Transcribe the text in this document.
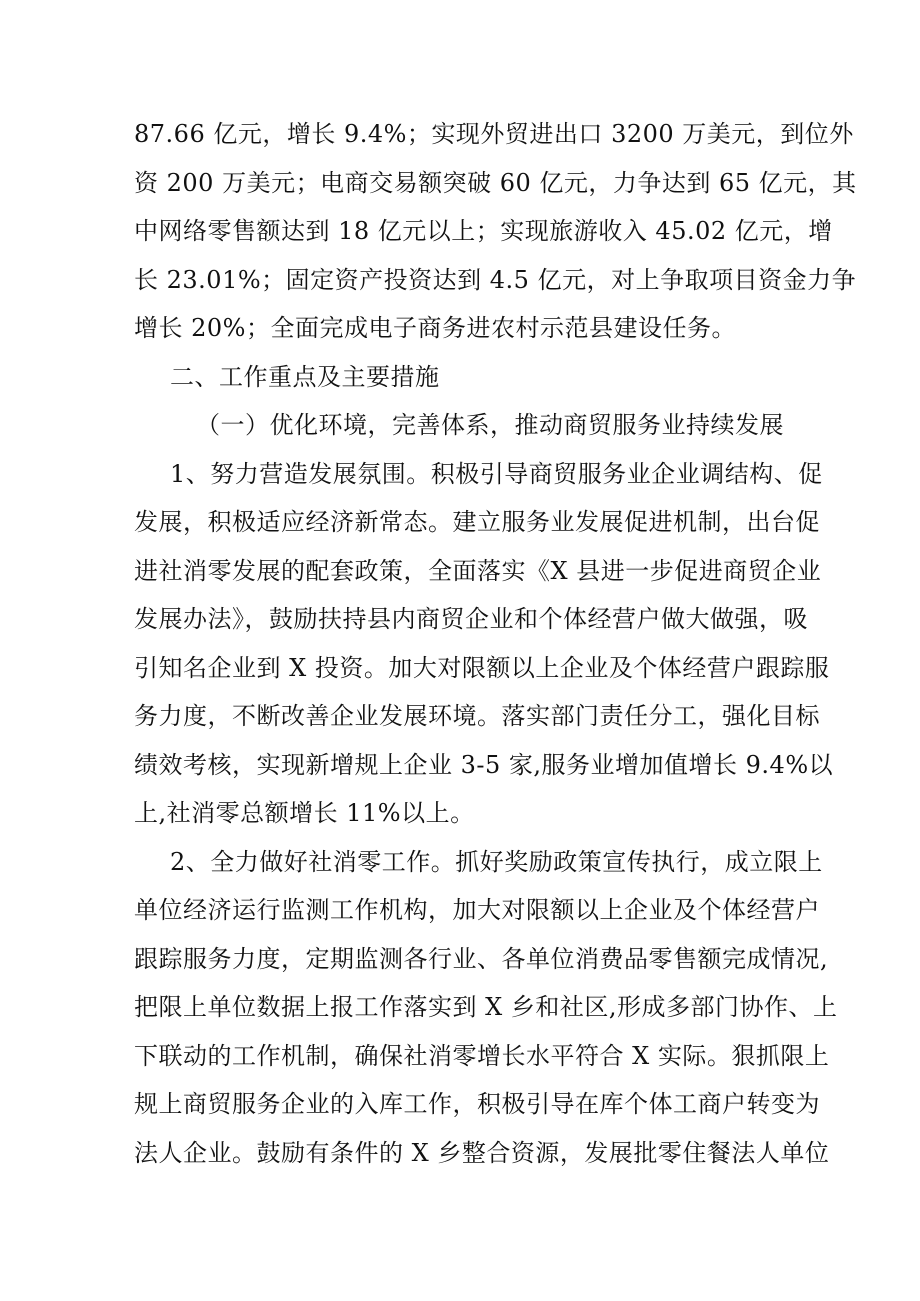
87.66 亿元，增长 9.4%；实现外贸进出口 3200 万美元，到位外
资 200 万美元；电商交易额突破 60 亿元，力争达到 65 亿元，其
中网络零售额达到 18 亿元以上；实现旅游收入 45.02 亿元，增
长 23.01%；固定资产投资达到 4.5 亿元，对上争取项目资金力争
增长 20%；全面完成电子商务进农村示范县建设任务。
二、工作重点及主要措施
（一）优化环境，完善体系，推动商贸服务业持续发展
1、努力营造发展氛围。积极引导商贸服务业企业调结构、促
发展，积极适应经济新常态。建立服务业发展促进机制，出台促
进社消零发展的配套政策，全面落实《X 县进一步促进商贸企业
发展办法》，鼓励扶持县内商贸企业和个体经营户做大做强，吸
引知名企业到 X 投资。加大对限额以上企业及个体经营户跟踪服
务力度，不断改善企业发展环境。落实部门责任分工，强化目标
绩效考核，实现新增规上企业 3-5 家,服务业增加值增长 9.4%以
上,社消零总额增长 11%以上。
2、全力做好社消零工作。抓好奖励政策宣传执行，成立限上
单位经济运行监测工作机构，加大对限额以上企业及个体经营户
跟踪服务力度，定期监测各行业、各单位消费品零售额完成情况,
把限上单位数据上报工作落实到 X 乡和社区,形成多部门协作、上
下联动的工作机制，确保社消零增长水平符合 X 实际。狠抓限上
规上商贸服务企业的入库工作，积极引导在库个体工商户转变为
法人企业。鼓励有条件的 X 乡整合资源，发展批零住餐法人单位
